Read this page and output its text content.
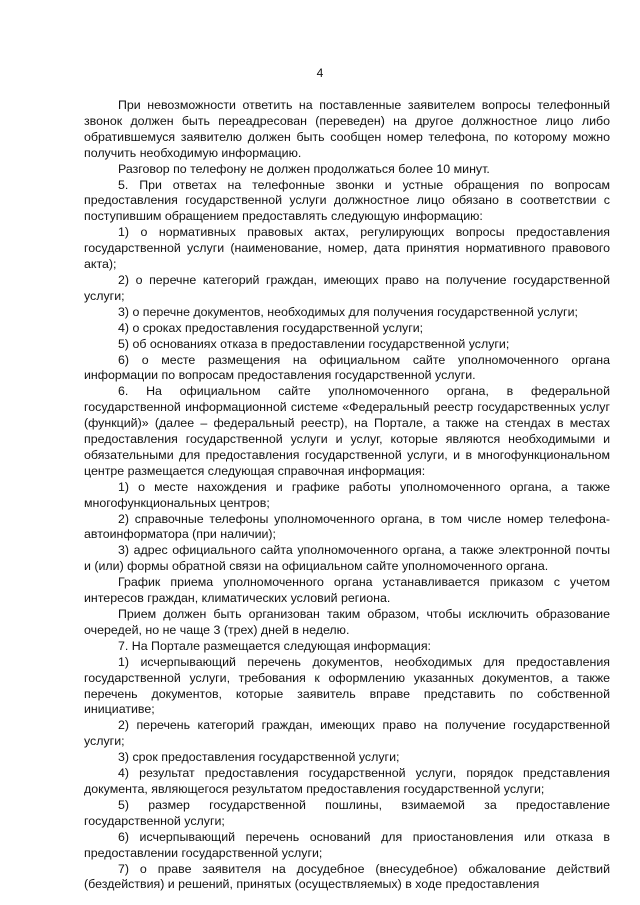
4

При невозможности ответить на поставленные заявителем вопросы телефонный звонок должен быть переадресован (переведен) на другое должностное лицо либо обратившемуся заявителю должен быть сообщен номер телефона, по которому можно получить необходимую информацию.

Разговор по телефону не должен продолжаться более 10 минут.

5. При ответах на телефонные звонки и устные обращения по вопросам предоставления государственной услуги должностное лицо обязано в соответствии с поступившим обращением предоставлять следующую информацию:

1) о нормативных правовых актах, регулирующих вопросы предоставления государственной услуги (наименование, номер, дата принятия нормативного правового акта);

2) о перечне категорий граждан, имеющих право на получение государственной услуги;

3) о перечне документов, необходимых для получения государственной услуги;

4) о сроках предоставления государственной услуги;

5) об основаниях отказа в предоставлении государственной услуги;

6) о месте размещения на официальном сайте уполномоченного органа информации по вопросам предоставления государственной услуги.

6. На официальном сайте уполномоченного органа, в федеральной государственной информационной системе «Федеральный реестр государственных услуг (функций)» (далее – федеральный реестр), на Портале, а также на стендах в местах предоставления государственной услуги и услуг, которые являются необходимыми и обязательными для предоставления государственной услуги, и в многофункциональном центре размещается следующая справочная информация:

1) о месте нахождения и графике работы уполномоченного органа, а также многофункциональных центров;

2) справочные телефоны уполномоченного органа, в том числе номер телефона-автоинформатора (при наличии);

3) адрес официального сайта уполномоченного органа, а также электронной почты и (или) формы обратной связи на официальном сайте уполномоченного органа.

График приема уполномоченного органа устанавливается приказом с учетом интересов граждан, климатических условий региона.

Прием должен быть организован таким образом, чтобы исключить образование очередей, но не чаще 3 (трех) дней в неделю.

7. На Портале размещается следующая информация:

1) исчерпывающий перечень документов, необходимых для предоставления государственной услуги, требования к оформлению указанных документов, а также перечень документов, которые заявитель вправе представить по собственной инициативе;

2) перечень категорий граждан, имеющих право на получение государственной услуги;

3) срок предоставления государственной услуги;

4) результат предоставления государственной услуги, порядок представления документа, являющегося результатом предоставления государственной услуги;

5) размер государственной пошлины, взимаемой за предоставление государственной услуги;

6) исчерпывающий перечень оснований для приостановления или отказа в предоставлении государственной услуги;

7) о праве заявителя на досудебное (внесудебное) обжалование действий (бездействия) и решений, принятых (осуществляемых) в ходе предоставления
